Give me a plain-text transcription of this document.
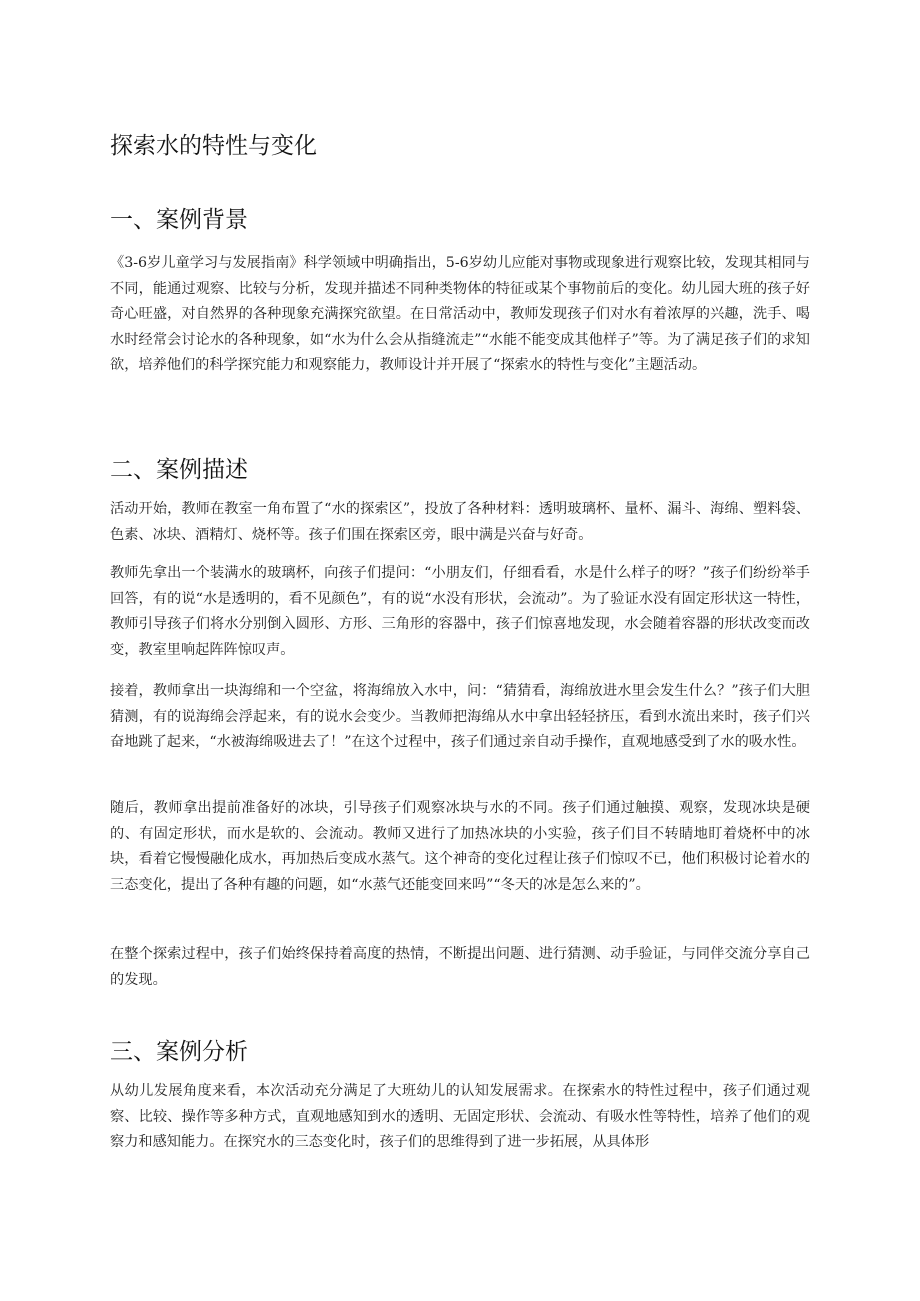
探索水的特性与变化
一、案例背景

《3-6岁儿童学习与发展指南》科学领域中明确指出，5-6岁幼儿应能对事物或现象进行观察比较，发现其相同与不同，能通过观察、比较与分析，发现并描述不同种类物体的特征或某个事物前后的变化。幼儿园大班的孩子好奇心旺盛，对自然界的各种现象充满探究欲望。在日常活动中，教师发现孩子们对水有着浓厚的兴趣，洗手、喝水时经常会讨论水的各种现象，如“水为什么会从指缝流走”“水能不能变成其他样子”等。为了满足孩子们的求知欲，培养他们的科学探究能力和观察能力，教师设计并开展了“探索水的特性与变化”主题活动。

二、案例描述

活动开始，教师在教室一角布置了“水的探索区”，投放了各种材料：透明玻璃杯、量杯、漏斗、海绵、塑料袋、色素、冰块、酒精灯、烧杯等。孩子们围在探索区旁，眼中满是兴奋与好奇。

教师先拿出一个装满水的玻璃杯，向孩子们提问：“小朋友们，仔细看看，水是什么样子的呀？”孩子们纷纷举手回答，有的说“水是透明的，看不见颜色”，有的说“水没有形状，会流动”。为了验证水没有固定形状这一特性，教师引导孩子们将水分别倒入圆形、方形、三角形的容器中，孩子们惊喜地发现，水会随着容器的形状改变而改变，教室里响起阵阵惊叹声。

接着，教师拿出一块海绵和一个空盆，将海绵放入水中，问：“猜猜看，海绵放进水里会发生什么？”孩子们大胆猜测，有的说海绵会浮起来，有的说水会变少。当教师把海绵从水中拿出轻轻挤压，看到水流出来时，孩子们兴奋地跳了起来，“水被海绵吸进去了！”在这个过程中，孩子们通过亲自动手操作，直观地感受到了水的吸水性。

随后，教师拿出提前准备好的冰块，引导孩子们观察冰块与水的不同。孩子们通过触摸、观察，发现冰块是硬的、有固定形状，而水是软的、会流动。教师又进行了加热冰块的小实验，孩子们目不转睛地盯着烧杯中的冰块，看着它慢慢融化成水，再加热后变成水蒸气。这个神奇的变化过程让孩子们惊叹不已，他们积极讨论着水的三态变化，提出了各种有趣的问题，如“水蒸气还能变回来吗”“冬天的冰是怎么来的”。

在整个探索过程中，孩子们始终保持着高度的热情，不断提出问题、进行猜测、动手验证，与同伴交流分享自己的发现。

三、案例分析

从幼儿发展角度来看，本次活动充分满足了大班幼儿的认知发展需求。在探索水的特性过程中，孩子们通过观察、比较、操作等多种方式，直观地感知到水的透明、无固定形状、会流动、有吸水性等特性，培养了他们的观察力和感知能力。在探究水的三态变化时，孩子们的思维得到了进一步拓展，从具体形
